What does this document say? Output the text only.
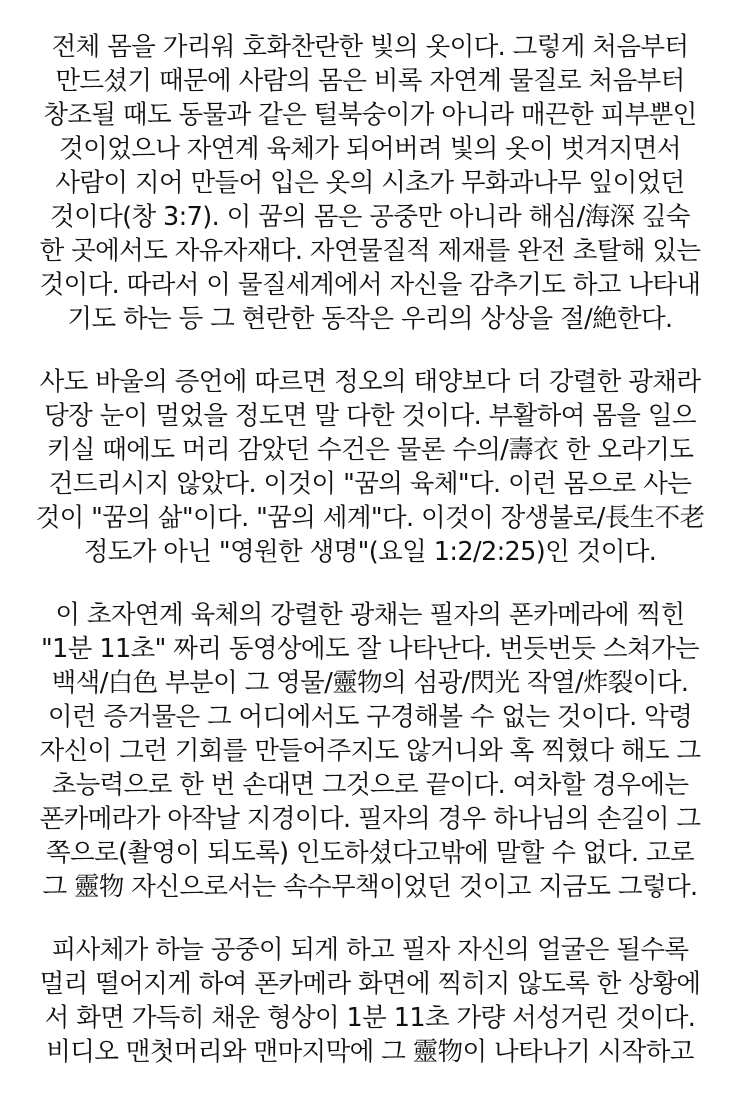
전체 몸을 가리워 호화찬란한 빛의 옷이다. 그렇게 처음부터
만드셨기 때문에 사람의 몸은 비록 자연계 물질로 처음부터
창조될 때도 동물과 같은 털북숭이가 아니라 매끈한 피부뿐인
것이었으나 자연계 육체가 되어버려 빛의 옷이 벗겨지면서
사람이 지어 만들어 입은 옷의 시초가 무화과나무 잎이었던
것이다(창 3:7). 이 꿈의 몸은 공중만 아니라 해심/海深 깊숙
한 곳에서도 자유자재다. 자연물질적 제재를 완전 초탈해 있는
것이다. 따라서 이 물질세계에서 자신을 감추기도 하고 나타내
기도 하는 등 그 현란한 동작은 우리의 상상을 절/絶한다.
사도 바울의 증언에 따르면 정오의 태양보다 더 강렬한 광채라
당장 눈이 멀었을 정도면 말 다한 것이다. 부활하여 몸을 일으
키실 때에도 머리 감았던 수건은 물론 수의/壽衣 한 오라기도
건드리시지 않았다. 이것이 "꿈의 육체"다. 이런 몸으로 사는
것이 "꿈의 삶"이다. "꿈의 세계"다. 이것이 장생불로/長生不老
정도가 아닌 "영원한 생명"(요일 1:2/2:25)인 것이다.
이 초자연계 육체의 강렬한 광채는 필자의 폰카메라에 찍힌
"1분 11초" 짜리 동영상에도 잘 나타난다. 번듯번듯 스쳐가는
백색/白色 부분이 그 영물/靈物의 섬광/閃光 작열/炸裂이다.
이런 증거물은 그 어디에서도 구경해볼 수 없는 것이다. 악령
자신이 그런 기회를 만들어주지도 않거니와 혹 찍혔다 해도 그
초능력으로 한 번 손대면 그것으로 끝이다. 여차할 경우에는
폰카메라가 아작날 지경이다. 필자의 경우 하나님의 손길이 그
쪽으로(촬영이 되도록) 인도하셨다고밖에 말할 수 없다. 고로
그 靈物 자신으로서는 속수무책이었던 것이고 지금도 그렇다.
피사체가 하늘 공중이 되게 하고 필자 자신의 얼굴은 될수록
멀리 떨어지게 하여 폰카메라 화면에 찍히지 않도록 한 상황에
서 화면 가득히 채운 형상이 1분 11초 가량 서성거린 것이다.
비디오 맨첫머리와 맨마지막에 그 靈物이 나타나기 시작하고
